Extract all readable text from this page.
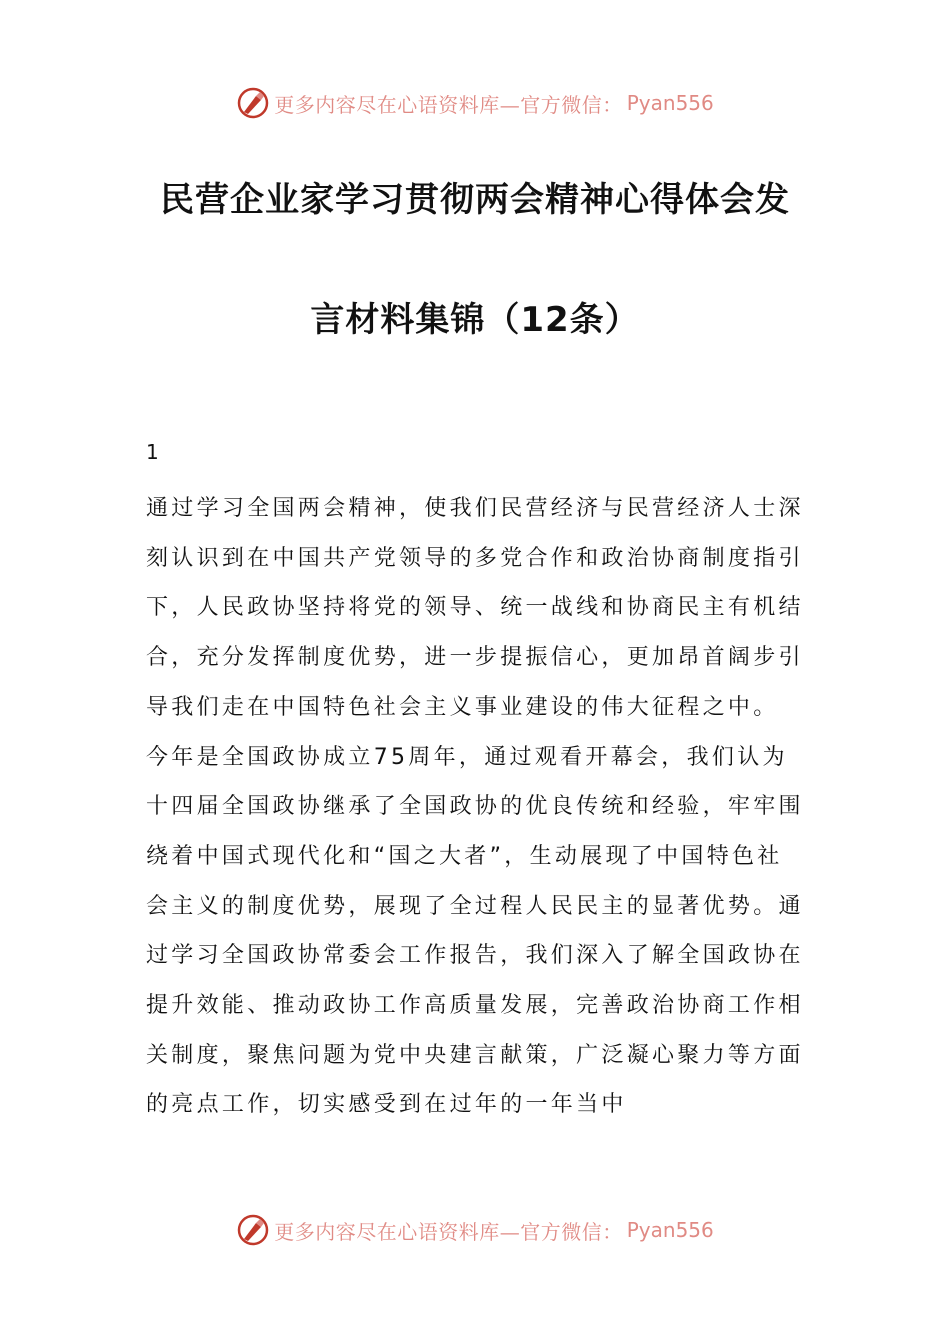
更多内容尽在心语资料库—官方微信： Pyan556
民营企业家学习贯彻两会精神心得体会发
言材料集锦（12条）
1

通过学习全国两会精神，使我们民营经济与民营经济人士深刻认识到在中国共产党领导的多党合作和政治协商制度指引下，人民政协坚持将党的领导、统一战线和协商民主有机结合，充分发挥制度优势，进一步提振信心，更加昂首阔步引导我们走在中国特色社会主义事业建设的伟大征程之中。

今年是全国政协成立75周年，通过观看开幕会，我们认为十四届全国政协继承了全国政协的优良传统和经验，牢牢围绕着中国式现代化和“国之大者”，生动展现了中国特色社会主义的制度优势，展现了全过程人民民主的显著优势。通过学习全国政协常委会工作报告，我们深入了解全国政协在提升效能、推动政协工作高质量发展，完善政治协商工作相关制度，聚焦问题为党中央建言献策，广泛凝心聚力等方面的亮点工作，切实感受到在过年的一年当中

更多内容尽在心语资料库—官方微信： Pyan556
